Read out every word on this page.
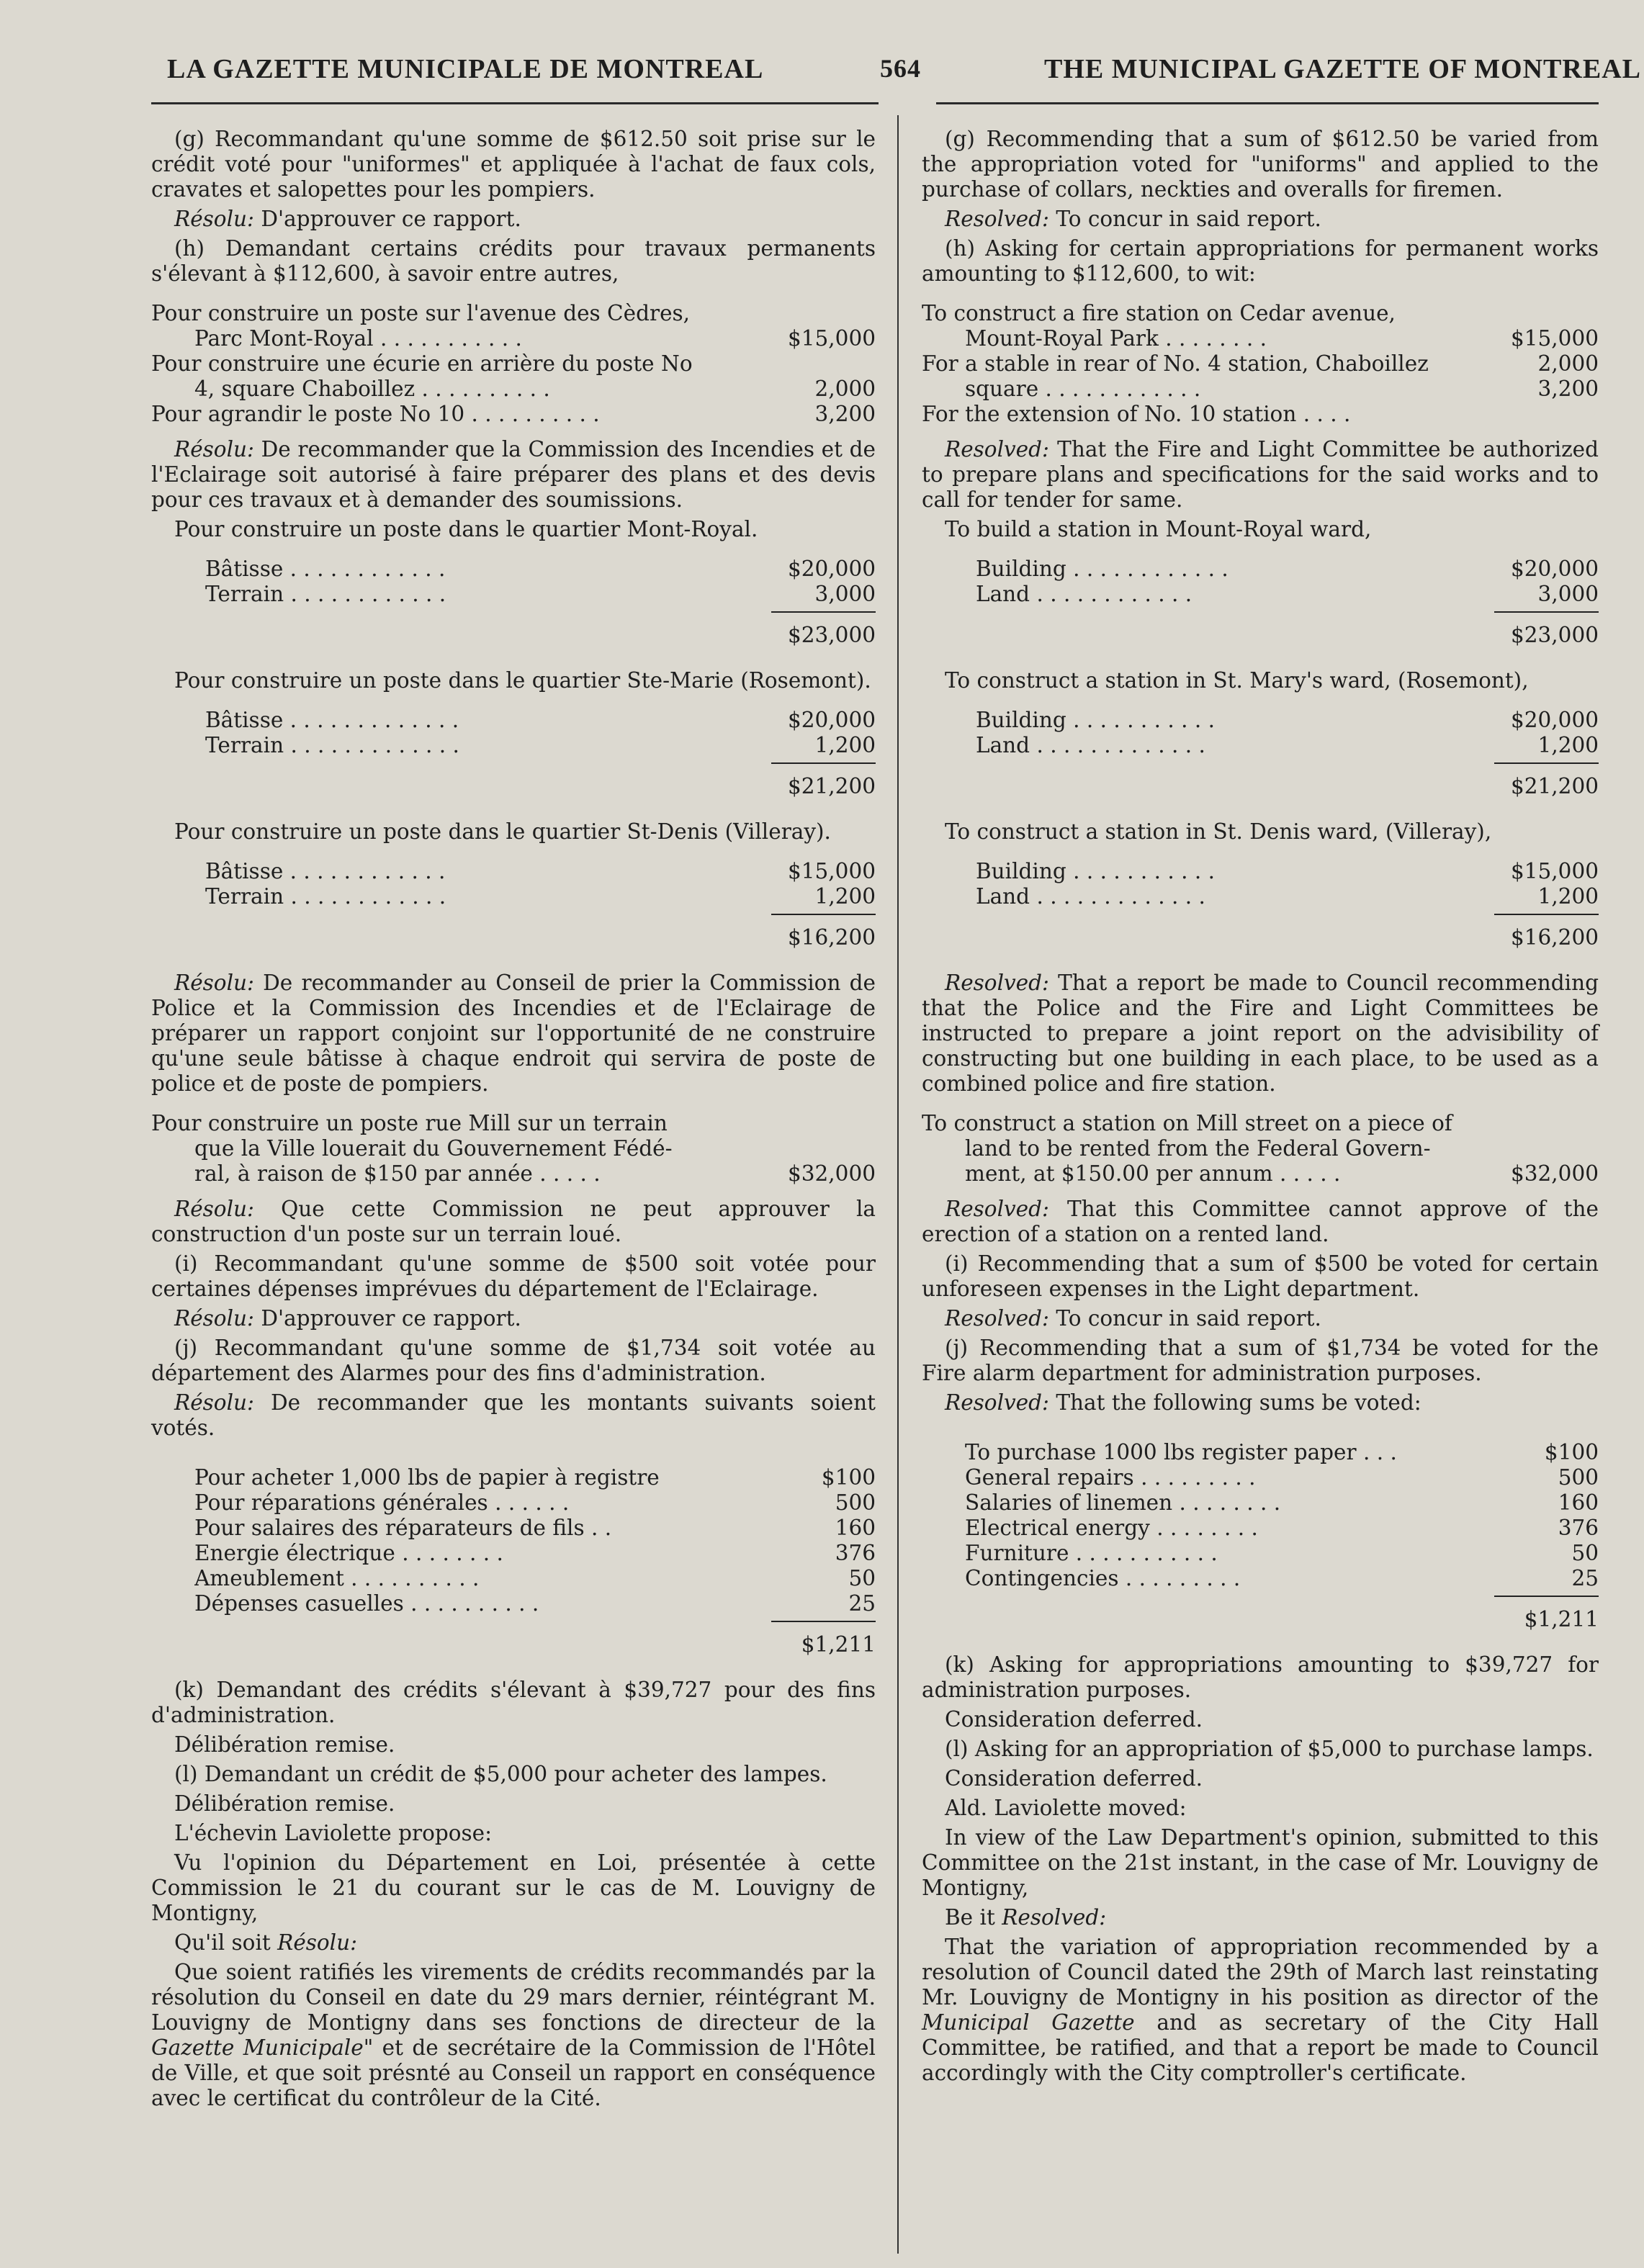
LA GAZETTE MUNICIPALE DE MONTREAL	564	THE MUNICIPAL GAZETTE OF MONTREAL

(g) Recommandant qu'une somme de $612.50 soit prise sur le crédit voté pour "uniformes" et appliquée à l'achat de faux cols, cravates et salopettes pour les pompiers.

Résolu: D'approuver ce rapport.

(h) Demandant certains crédits pour travaux permanents s'élevant à $112,600, à savoir entre autres,

Pour construire un poste sur l'avenue des Cèdres,
Parc Mont-Royal . . . . . . . . . . .	$15,000
Pour construire une écurie en arrière du poste No
4, square Chaboillez . . . . . . . . . .	2,000
Pour agrandir le poste No 10 . . . . . . . . . .	3,200

Résolu: De recommander que la Commission des Incendies et de l'Eclairage soit autorisé à faire préparer des plans et des devis pour ces travaux et à demander des soumissions.

Pour construire un poste dans le quartier Mont-Royal.

Bâtisse . . . . . . . . . . . .	$20,000
Terrain . . . . . . . . . . . .	3,000
$23,000

Pour construire un poste dans le quartier Ste-Marie (Rosemont).

Bâtisse . . . . . . . . . . . . .	$20,000
Terrain . . . . . . . . . . . . .	1,200
$21,200

Pour construire un poste dans le quartier St-Denis (Villeray).

Bâtisse . . . . . . . . . . . .	$15,000
Terrain . . . . . . . . . . . .	1,200
$16,200

Résolu: De recommander au Conseil de prier la Commission de Police et la Commission des Incendies et de l'Eclairage de préparer un rapport conjoint sur l'opportunité de ne construire qu'une seule bâtisse à chaque endroit qui servira de poste de police et de poste de pompiers.

Pour construire un poste rue Mill sur un terrain
que la Ville louerait du Gouvernement Fédé-
ral, à raison de $150 par année . . . . .	$32,000

Résolu: Que cette Commission ne peut approuver la construction d'un poste sur un terrain loué.

(i) Recommandant qu'une somme de $500 soit votée pour certaines dépenses imprévues du département de l'Eclairage.

Résolu: D'approuver ce rapport.

(j) Recommandant qu'une somme de $1,734 soit votée au département des Alarmes pour des fins d'administration.

Résolu: De recommander que les montants suivants soient votés.

Pour acheter 1,000 lbs de papier à registre	$100
Pour réparations générales . . . . . .	500
Pour salaires des réparateurs de fils . .	160
Energie électrique . . . . . . . .	376
Ameublement . . . . . . . . . .	50
Dépenses casuelles . . . . . . . . . .	25
$1,211

(k) Demandant des crédits s'élevant à $39,727 pour des fins d'administration.

Délibération remise.

(l) Demandant un crédit de $5,000 pour acheter des lampes.

Délibération remise.

L'échevin Laviolette propose:

Vu l'opinion du Département en Loi, présentée à cette Commission le 21 du courant sur le cas de M. Louvigny de Montigny,

Qu'il soit Résolu:

Que soient ratifiés les virements de crédits recommandés par la résolution du Conseil en date du 29 mars dernier, réintégrant M. Louvigny de Montigny dans ses fonctions de directeur de la Gazette Municipale" et de secrétaire de la Commission de l'Hôtel de Ville, et que soit présnté au Conseil un rapport en conséquence avec le certificat du contrôleur de la Cité.

(g) Recommending that a sum of $612.50 be varied from the appropriation voted for "uniforms" and applied to the purchase of collars, neckties and overalls for firemen.

Resolved: To concur in said report.

(h) Asking for certain appropriations for permanent works amounting to $112,600, to wit:

To construct a fire station on Cedar avenue,
Mount-Royal Park . . . . . . . .	$15,000
For a stable in rear of No. 4 station, Chaboillez	2,000
square . . . . . . . . . . . .	3,200
For the extension of No. 10 station . . . .

Resolved: That the Fire and Light Committee be authorized to prepare plans and specifications for the said works and to call for tender for same.

To build a station in Mount-Royal ward,

Building . . . . . . . . . . . .	$20,000
Land . . . . . . . . . . . .	3,000
$23,000

To construct a station in St. Mary's ward, (Rosemont),

Building . . . . . . . . . . .	$20,000
Land . . . . . . . . . . . . .	1,200
$21,200

To construct a station in St. Denis ward, (Villeray),

Building . . . . . . . . . . .	$15,000
Land . . . . . . . . . . . . .	1,200
$16,200

Resolved: That a report be made to Council recommending that the Police and the Fire and Light Committees be instructed to prepare a joint report on the advisibility of constructing but one building in each place, to be used as a combined police and fire station.

To construct a station on Mill street on a piece of
land to be rented from the Federal Govern-
ment, at $150.00 per annum . . . . .	$32,000

Resolved: That this Committee cannot approve of the erection of a station on a rented land.

(i) Recommending that a sum of $500 be voted for certain unforeseen expenses in the Light department.

Resolved: To concur in said report.

(j) Recommending that a sum of $1,734 be voted for the Fire alarm department for administration purposes.

Resolved: That the following sums be voted:

To purchase 1000 lbs register paper . . .	$100
General repairs . . . . . . . . .	500
Salaries of linemen . . . . . . . .	160
Electrical energy . . . . . . . .	376
Furniture . . . . . . . . . . .	50
Contingencies . . . . . . . . .	25
$1,211

(k) Asking for appropriations amounting to $39,727 for administration purposes.

Consideration deferred.

(l) Asking for an appropriation of $5,000 to purchase lamps.

Consideration deferred.

Ald. Laviolette moved:

In view of the Law Department's opinion, submitted to this Committee on the 21st instant, in the case of Mr. Louvigny de Montigny,

Be it Resolved:

That the variation of appropriation recommended by a resolution of Council dated the 29th of March last reinstating Mr. Louvigny de Montigny in his position as director of the Municipal Gazette and as secretary of the City Hall Committee, be ratified, and that a report be made to Council accordingly with the City comptroller's certificate.
